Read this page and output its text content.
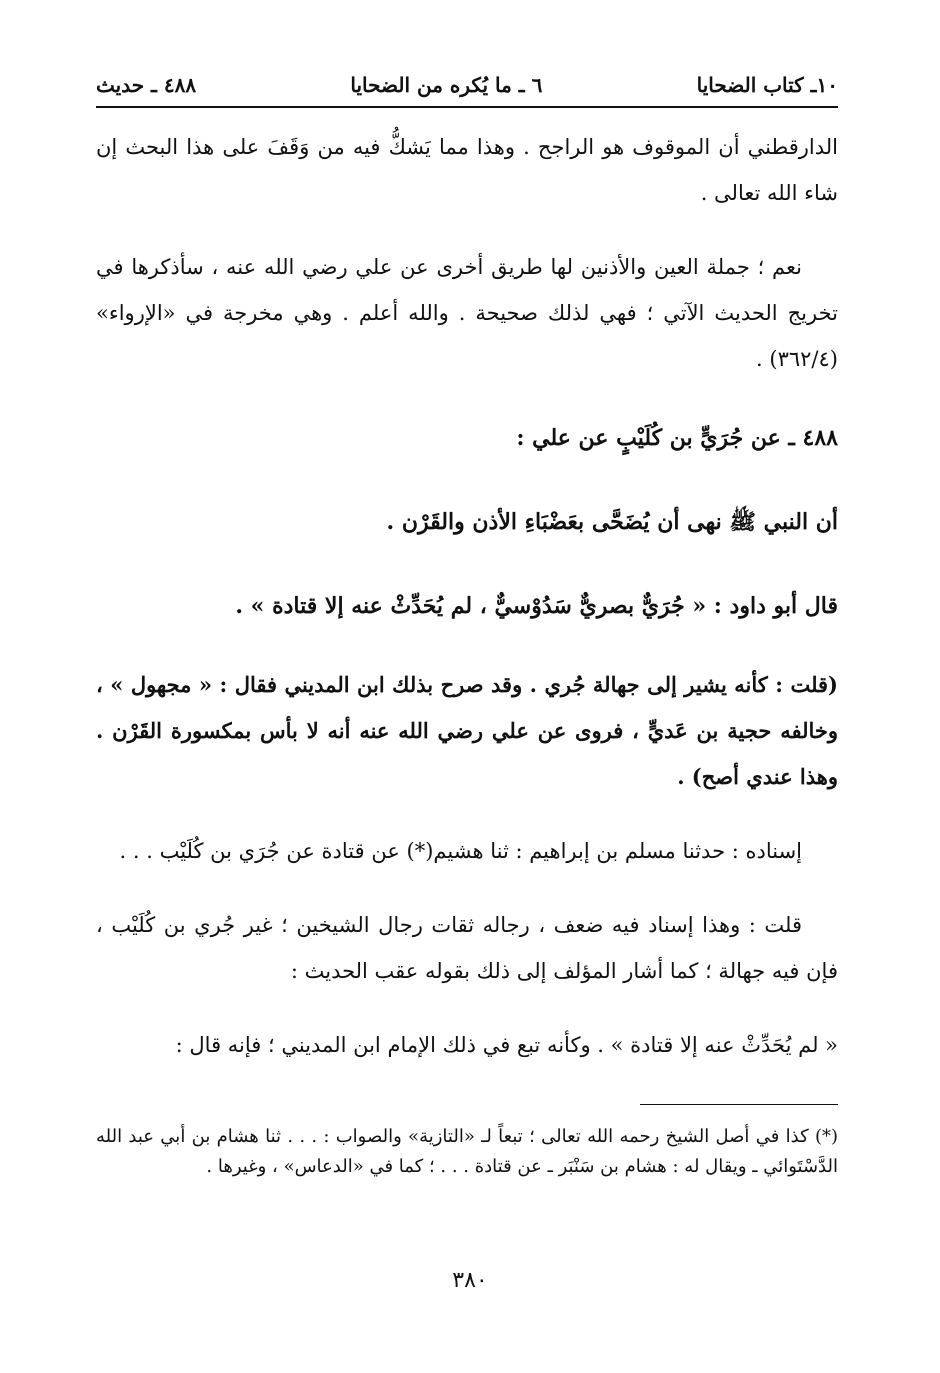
١٠ـ كتاب الضحايا
٦ ـ ما يُكره من الضحايا
٤٨٨ ـ حديث

الدارقطني أن الموقوف هو الراجح . وهذا مما يَشكُّ فيه من وَقَفَ على هذا البحث إن شاء الله تعالى .

نعم ؛ جملة العين والأذنين لها طريق أخرى عن علي رضي الله عنه ، سأذكرها في تخريج الحديث الآتي ؛ فهي لذلك صحيحة . والله أعلم . وهي مخرجة في «الإرواء» (٣٦٢/٤) .

٤٨٨ ـ عن جُرَيٍّ بن كُلَيْبٍ عن علي :

أن النبي ﷺ نهى أن يُضَحَّى بعَضْبَاءِ الأذن والقَرْن .

قال أبو داود : « جُرَيٌّ بصريٌّ سَدُوْسيٌّ ، لم يُحَدِّثْ عنه إلا قتادة » .

(قلت : كأنه يشير إلى جهالة جُري . وقد صرح بذلك ابن المديني فقال : « مجهول » ، وخالفه حجية بن عَديٍّ ، فروى عن علي رضي الله عنه أنه لا بأس بمكسورة القَرْن . وهذا عندي أصح) .

إسناده : حدثنا مسلم بن إبراهيم : ثنا هشيم(*) عن قتادة عن جُرَي بن كُلَيْب . . .

قلت : وهذا إسناد فيه ضعف ، رجاله ثقات رجال الشيخين ؛ غير جُري بن كُلَيْب ، فإن فيه جهالة ؛ كما أشار المؤلف إلى ذلك بقوله عقب الحديث :

« لم يُحَدِّثْ عنه إلا قتادة » . وكأنه تبع في ذلك الإمام ابن المديني ؛ فإنه قال :

(*) كذا في أصل الشيخ رحمه الله تعالى ؛ تبعاً لـ «التازية» والصواب : . . . ثنا هشام بن أبي عبد الله الدَّسْتَوائي ـ ويقال له : هشام بن سَنْبَر ـ عن قتادة . . . ؛ كما في «الدعاس» ، وغيرها .
٣٨٠
